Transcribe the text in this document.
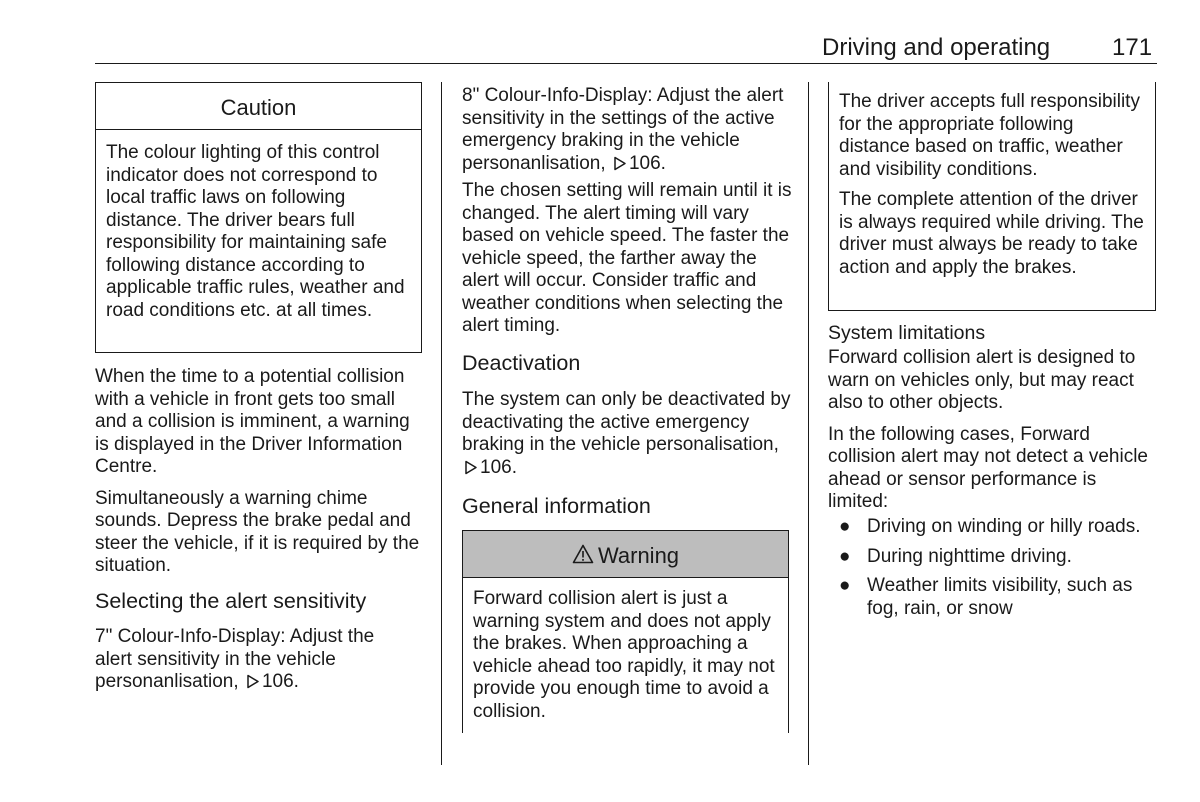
Driving and operating	171
Caution

The colour lighting of this control indicator does not correspond to local traffic laws on following distance. The driver bears full responsibility for maintaining safe following distance according to applicable traffic rules, weather and road conditions etc. at all times.

When the time to a potential collision with a vehicle in front gets too small and a collision is imminent, a warning is displayed in the Driver Information Centre.

Simultaneously a warning chime sounds. Depress the brake pedal and steer the vehicle, if it is required by the situation.

Selecting the alert sensitivity

7" Colour-Info-Display: Adjust the alert sensitivity in the vehicle personanlisation, 106.

8" Colour-Info-Display: Adjust the alert sensitivity in the settings of the active emergency braking in the vehicle personanlisation, 106.

The chosen setting will remain until it is changed. The alert timing will vary based on vehicle speed. The faster the vehicle speed, the farther away the alert will occur. Consider traffic and weather conditions when selecting the alert timing.

Deactivation

The system can only be deactivated by deactivating the active emergency braking in the vehicle personalisation, 106.

General information
Warning

Forward collision alert is just a warning system and does not apply the brakes. When approaching a vehicle ahead too rapidly, it may not provide you enough time to avoid a collision.

The driver accepts full responsibility for the appropriate following distance based on traffic, weather and visibility conditions.

The complete attention of the driver is always required while driving. The driver must always be ready to take action and apply the brakes.

System limitations

Forward collision alert is designed to warn on vehicles only, but may react also to other objects.

In the following cases, Forward collision alert may not detect a vehicle ahead or sensor performance is limited:

● Driving on winding or hilly roads.
● During nighttime driving.
● Weather limits visibility, such as fog, rain, or snow
